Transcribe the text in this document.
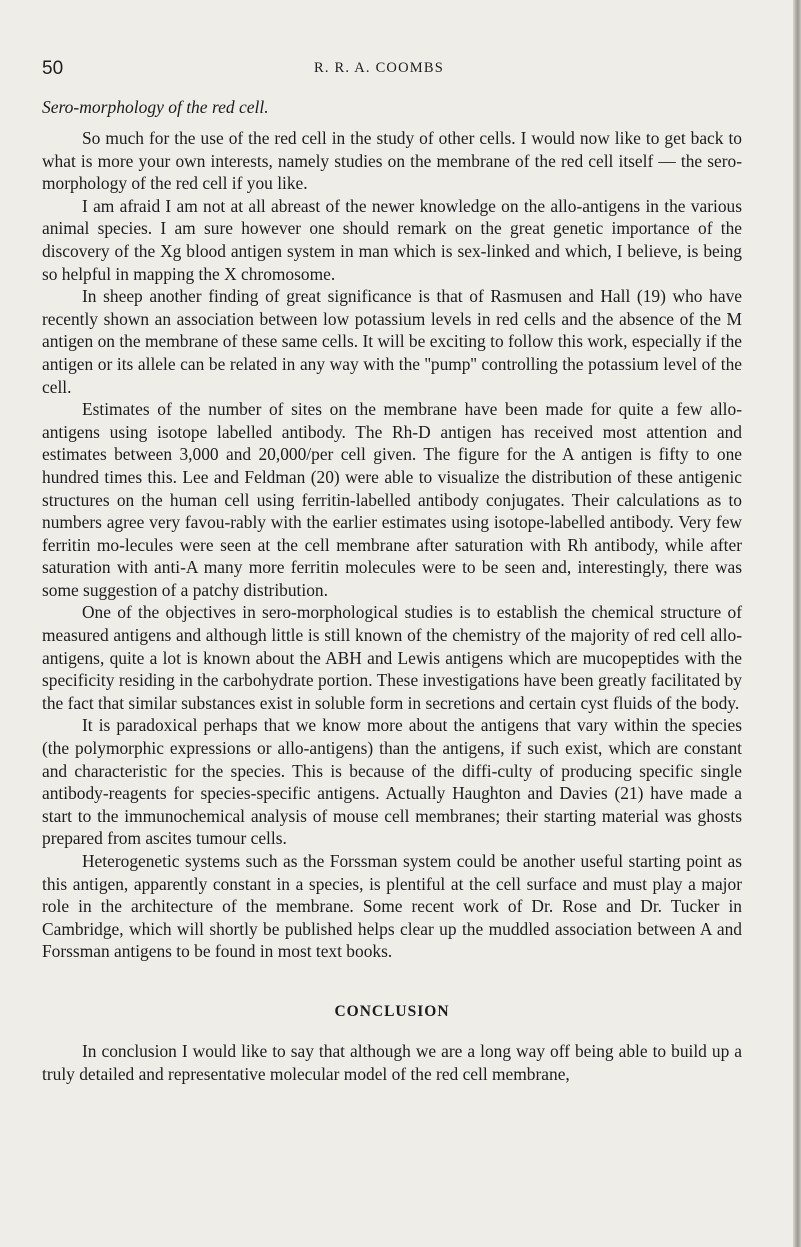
50	R. R. A. COOMBS

Sero-morphology of the red cell.

So much for the use of the red cell in the study of other cells. I would now like to get back to what is more your own interests, namely studies on the membrane of the red cell itself — the sero-morphology of the red cell if you like.

I am afraid I am not at all abreast of the newer knowledge on the allo-antigens in the various animal species. I am sure however one should remark on the great genetic importance of the discovery of the Xg blood antigen system in man which is sex-linked and which, I believe, is being so helpful in mapping the X chromosome.

In sheep another finding of great significance is that of Rasmusen and Hall (19) who have recently shown an association between low potassium levels in red cells and the absence of the M antigen on the membrane of these same cells. It will be exciting to follow this work, especially if the antigen or its allele can be related in any way with the ''pump'' controlling the potassium level of the cell.

Estimates of the number of sites on the membrane have been made for quite a few allo-antigens using isotope labelled antibody. The Rh-D antigen has received most attention and estimates between 3,000 and 20,000/per cell given. The figure for the A antigen is fifty to one hundred times this. Lee and Feldman (20) were able to visualize the distribution of these antigenic structures on the human cell using ferritin-labelled antibody conjugates. Their calculations as to numbers agree very favou-rably with the earlier estimates using isotope-labelled antibody. Very few ferritin mo-lecules were seen at the cell membrane after saturation with Rh antibody, while after saturation with anti-A many more ferritin molecules were to be seen and, interestingly, there was some suggestion of a patchy distribution.

One of the objectives in sero-morphological studies is to establish the chemical structure of measured antigens and although little is still known of the chemistry of the majority of red cell allo-antigens, quite a lot is known about the ABH and Lewis antigens which are mucopeptides with the specificity residing in the carbohydrate portion. These investigations have been greatly facilitated by the fact that similar substances exist in soluble form in secretions and certain cyst fluids of the body.

It is paradoxical perhaps that we know more about the antigens that vary within the species (the polymorphic expressions or allo-antigens) than the antigens, if such exist, which are constant and characteristic for the species. This is because of the diffi-culty of producing specific single antibody-reagents for species-specific antigens. Actually Haughton and Davies (21) have made a start to the immunochemical analysis of mouse cell membranes; their starting material was ghosts prepared from ascites tumour cells.

Heterogenetic systems such as the Forssman system could be another useful starting point as this antigen, apparently constant in a species, is plentiful at the cell surface and must play a major role in the architecture of the membrane. Some recent work of Dr. Rose and Dr. Tucker in Cambridge, which will shortly be published helps clear up the muddled association between A and Forssman antigens to be found in most text books.

CONCLUSION

In conclusion I would like to say that although we are a long way off being able to build up a truly detailed and representative molecular model of the red cell membrane,
